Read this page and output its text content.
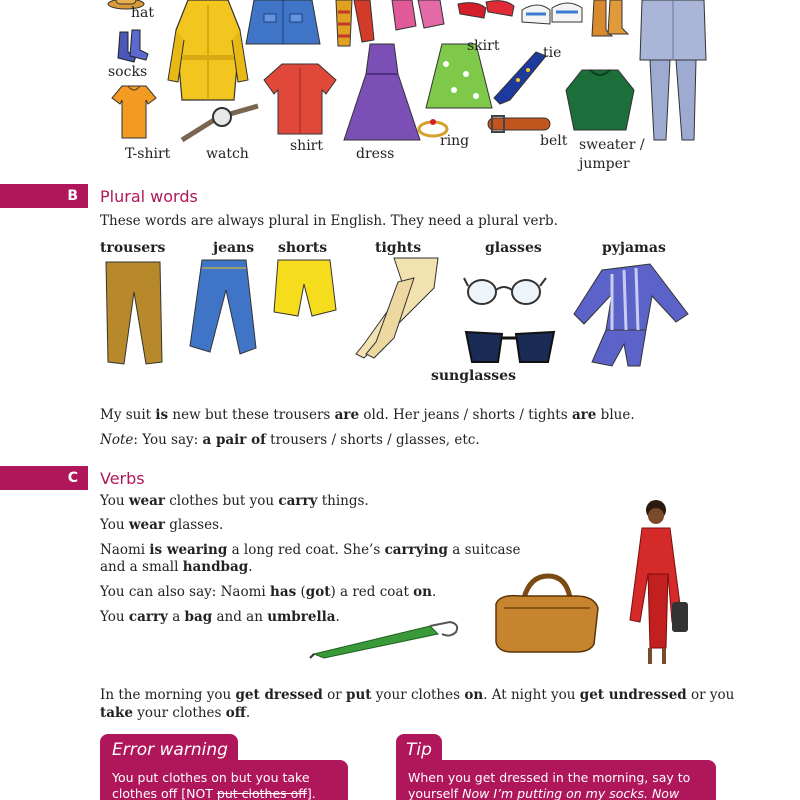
hat
socks
T-shirt	watch	shirt dress
skirt	tie
ring	belt sweater /
jumper
B	Plural words
These words are always plural in English. They need a plural verb.
trousers	jeans shorts	tights	glasses	pyjamas
sunglasses
My suit is new but these trousers are old. Her jeans / shorts / tights are blue.
Note: You say: a pair of trousers / shorts / glasses, etc.
C	Verbs
You wear clothes but you carry things.
You wear glasses.
Naomi is wearing a long red coat. She’s carrying a suitcase
and a small handbag.
You can also say: Naomi has (got) a red coat on.
You carry a bag and an umbrella.
In the morning you get dressed or put your clothes on. At night you get undressed or you
take your clothes off.
Error warning
You put clothes on but you take
clothes off [NOT put clothes off].
Tip
When you get dressed in the morning, say to
yourself Now I’m putting on my socks. Now
